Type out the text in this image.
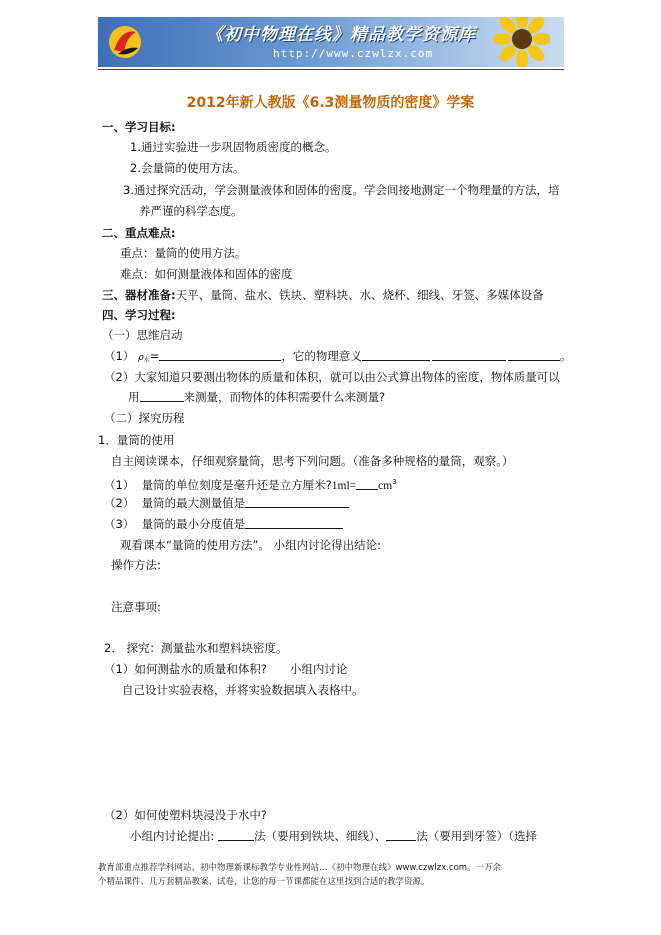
《初中物理在线》精品教学资源库
http://www.czwlzx.com
2012年新人教版《6.3测量物质的密度》学案
一、学习目标:
1.通过实验进一步巩固物质密度的概念。
2.会量筒的使用方法。
3.通过探究活动，学会测量液体和固体的密度。学会间接地测定一个物理量的方法，培
养严谨的科学态度。
二、重点难点:
重点：量筒的使用方法。
难点：如何测量液体和固体的密度
三、器材准备:天平、量筒、盐水、铁块、塑料块、水、烧杯、细线、牙签、多媒体设备
四、学习过程:
（一）思维启动
（1） $\rho_水=$	，它的物理意义	。
（2）大家知道只要测出物体的质量和体积，就可以由公式算出物体的密度，物体质量可以
用	来测量，而物体的体积需要什么来测量?
（二）探究历程
1．量筒的使用
自主阅读课本，仔细观察量筒，思考下列问题。（准备多种规格的量筒，观察。）
（1） 量筒的单位刻度是毫升还是立方厘米?1ml= $cm^3$
（2） 量筒的最大测量值是
（3） 量筒的最小分度值是
观看课本“量筒的使用方法”。 小组内讨论得出结论:
操作方法:
注意事项:
2． 探究：测量盐水和塑料块密度。
（1）如何测盐水的质量和体积?　　小组内讨论
自己设计实验表格，并将实验数据填入表格中。
（2）如何使塑料块浸没于水中?
小组内讨论提出:	法（要用到铁块、细线）、	法（要用到牙签）（选择
教育部重点推荐学科网站、初中物理新课标教学专业性网站…《初中物理在线》www.czwlzx.com。一万余
个精品课件、几万套精品教案、试卷，让您的每一节课都能在这里找到合适的教学资源。
